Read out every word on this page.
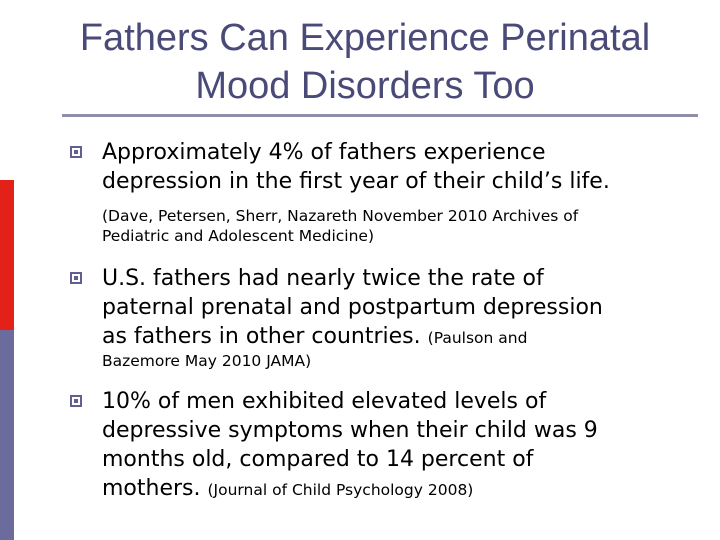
Fathers Can Experience Perinatal
Mood Disorders Too
Approximately 4% of fathers experience
depression in the first year of their child’s life.
(Dave, Petersen, Sherr, Nazareth November 2010 Archives of
Pediatric and Adolescent Medicine)
U.S. fathers had nearly twice the rate of
paternal prenatal and postpartum depression
as fathers in other countries. (Paulson and
Bazemore May 2010 JAMA)
10% of men exhibited elevated levels of
depressive symptoms when their child was 9
months old, compared to 14 percent of
mothers. (Journal of Child Psychology 2008)
